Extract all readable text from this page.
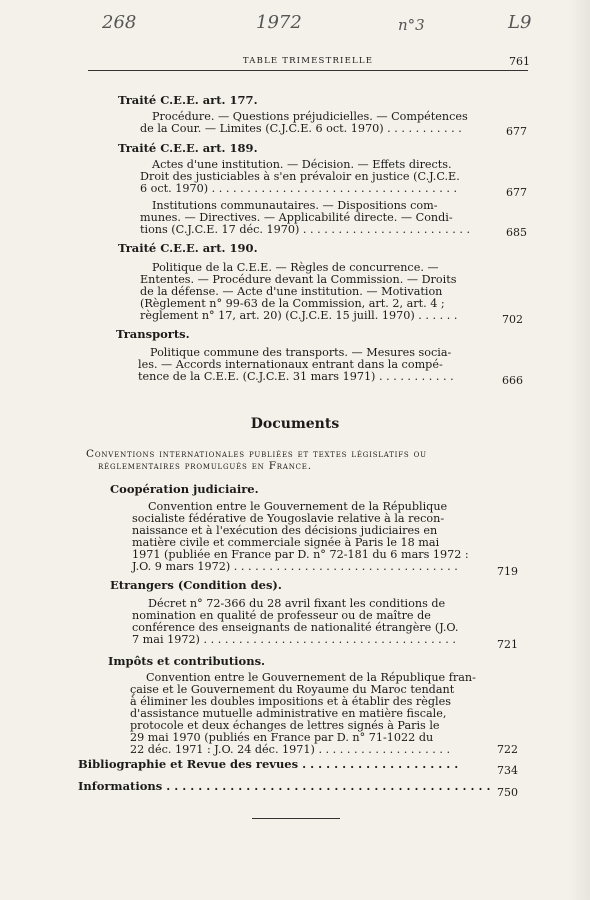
268	1972	n°3	L9
TABLE TRIMESTRIELLE	761
Traité C.E.E. art. 177.
Procédure. — Questions préjudicielles. — Compétences
de la Cour. — Limites (C.J.C.E. 6 oct. 1970) . . . . . . . . . . .	677
Traité C.E.E. art. 189.
Actes d'une institution. — Décision. — Effets directs.
Droit des justiciables à s'en prévaloir en justice (C.J.C.E.
6 oct. 1970) . . . . . . . . . . . . . . . . . . . . . . . . . . . . . . . . . . .	677
Institutions communautaires. — Dispositions com-
munes. — Directives. — Applicabilité directe. — Condi-
tions (C.J.C.E. 17 déc. 1970) . . . . . . . . . . . . . . . . . . . . . . . .	685
Traité C.E.E. art. 190.
Politique de la C.E.E. — Règles de concurrence. —
Ententes. — Procédure devant la Commission. — Droits
de la défense. — Acte d'une institution. — Motivation
(Règlement n° 99-63 de la Commission, art. 2, art. 4 ;
règlement n° 17, art. 20) (C.J.C.E. 15 juill. 1970) . . . . . .	702
Transports.
Politique commune des transports. — Mesures socia-
les. — Accords internationaux entrant dans la compé-
tence de la C.E.E. (C.J.C.E. 31 mars 1971) . . . . . . . . . . .	666
Documents
Conventions internationales publiées et textes législatifs ou
réglementaires promulgués en France.
Coopération judiciaire.
Convention entre le Gouvernement de la République
socialiste fédérative de Yougoslavie relative à la recon-
naissance et à l'exécution des décisions judiciaires en
matière civile et commerciale signée à Paris le 18 mai
1971 (publiée en France par D. n° 72-181 du 6 mars 1972 :
J.O. 9 mars 1972) . . . . . . . . . . . . . . . . . . . . . . . . . . . . . . . .	719
Etrangers (Condition des).
Décret n° 72-366 du 28 avril fixant les conditions de
nomination en qualité de professeur ou de maître de
conférence des enseignants de nationalité étrangère (J.O.
7 mai 1972) . . . . . . . . . . . . . . . . . . . . . . . . . . . . . . . . . . . .	721
Impôts et contributions.
Convention entre le Gouvernement de la République fran-
çaise et le Gouvernement du Royaume du Maroc tendant
à éliminer les doubles impositions et à établir des règles
d'assistance mutuelle administrative en matière fiscale,
protocole et deux échanges de lettres signés à Paris le
29 mai 1970 (publiés en France par D. n° 71-1022 du
22 déc. 1971 : J.O. 24 déc. 1971) . . . . . . . . . . . . . . . . . . .	722
Bibliographie et Revue des revues . . . . . . . . . . . . . . . . . . . .	734
Informations . . . . . . . . . . . . . . . . . . . . . . . . . . . . . . . . . . . . . . . . . 750
